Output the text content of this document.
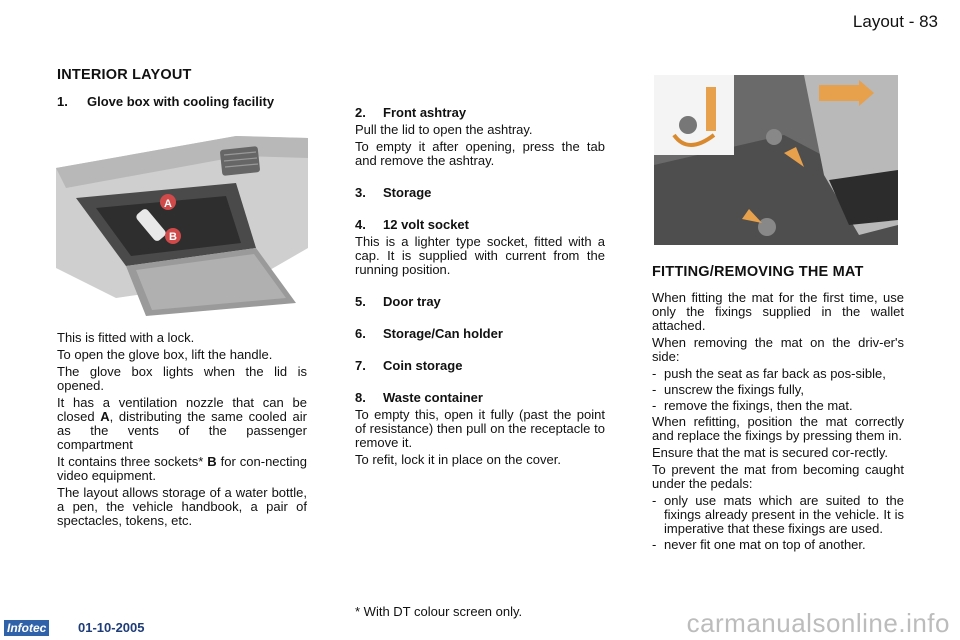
Layout - 83
INTERIOR LAYOUT
1. Glove box with cooling facility
A
B

This is fitted with a lock.

To open the glove box, lift the handle.

The glove box lights when the lid is opened.

It has a ventilation nozzle that can be closed A, distributing the same cooled air as the vents of the passenger compartment

It contains three sockets* B for con-necting video equipment.

The layout allows storage of a water bottle, a pen, the vehicle handbook, a pair of spectacles, tokens, etc.

2. Front ashtray

Pull the lid to open the ashtray.

To empty it after opening, press the tab and remove the ashtray.

3. Storage
4. 12 volt socket

This is a lighter type socket, fitted with a cap. It is supplied with current from the running position.

5. Door tray
6. Storage/Can holder
7. Coin storage
8. Waste container

To empty this, open it fully (past the point of resistance) then pull on the receptacle to remove it.

To refit, lock it in place on the cover.

* With DT colour screen only.
FITTING/REMOVING THE MAT

When fitting the mat for the first time, use only the fixings supplied in the wallet attached.

When removing the mat on the driv-er's side:

- push the seat as far back as pos-sible,
- unscrew the fixings fully,
- remove the fixings, then the mat.

When refitting, position the mat correctly and replace the fixings by pressing them in.

Ensure that the mat is secured cor-rectly.

To prevent the mat from becoming caught under the pedals:

- only use mats which are suited to the fixings already present in the vehicle. It is imperative that these fixings are used.
- never fit one mat on top of another.
Infotec 01-10-2005	carmanualsonline.info
